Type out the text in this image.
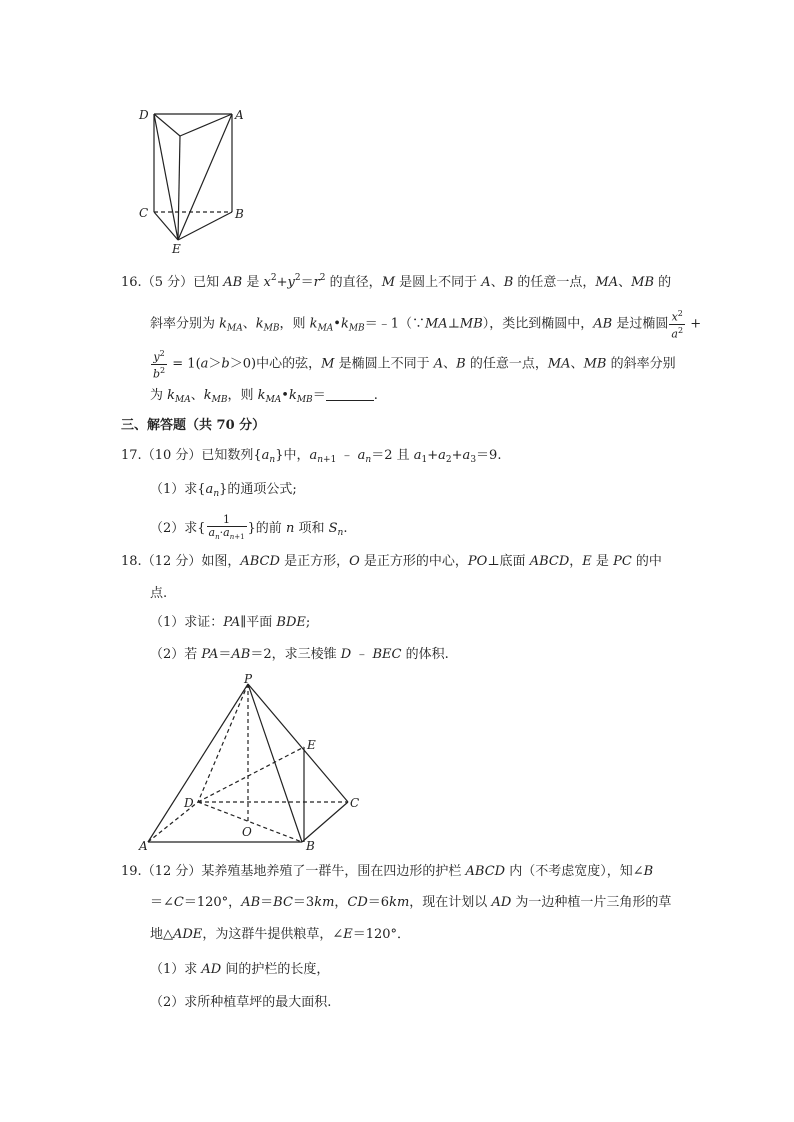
D	A
C	B
E
16.（5 分）已知 AB 是 $x^2+y^2=r^2$ 的直径，M 是圆上不同于 A、B 的任意一点，MA、MB 的
斜率分别为 $k_{MA}$、$k_{MB}$，则 $k_{MA}•k_{MB}=﹣1(\because MA\perp MB)$，类比到椭圆中，AB 是过椭圆 $\frac{x^2}{a^2}$ +
$\frac{y^2}{b^2} = 1(a>b>0)$中心的弦，M 是椭圆上不同于 A、B 的任意一点，MA、MB 的斜率分别
为 $k_{MA}$、$k_{MB}$，则 $k_{MA}•k_{MB}=$	.
三、解答题（共 70 分）
17.（10 分）已知数列$\{a_n\}$中，$a_{n+1}$ ﹣ $a_n=2$ 且 $a_1+a_2+a_3=9$.
（1）求$\{a_n\}$的通项公式;
（2）求{ $\frac{1}{a_n\cdot a_{n+1}}$ }的前 n 项和 $S_n$.
18.（12 分）如图，ABCD 是正方形，O 是正方形的中心，PO⊥底面 ABCD，E 是 PC 的中
点.
（1）求证：PA∥平面 BDE;
（2）若 PA＝AB＝2，求三棱锥 D ﹣ BEC 的体积.
P
E
D	C
O
A	B
19.（12 分）某养殖基地养殖了一群牛，围在四边形的护栏 ABCD 内（不考虑宽度），知∠B
＝∠C＝120°，AB＝BC＝3km，CD＝6km，现在计划以 AD 为一边种植一片三角形的草
地△ADE，为这群牛提供粮草，∠E＝120°．
（1）求 AD 间的护栏的长度，
（2）求所种植草坪的最大面积.
